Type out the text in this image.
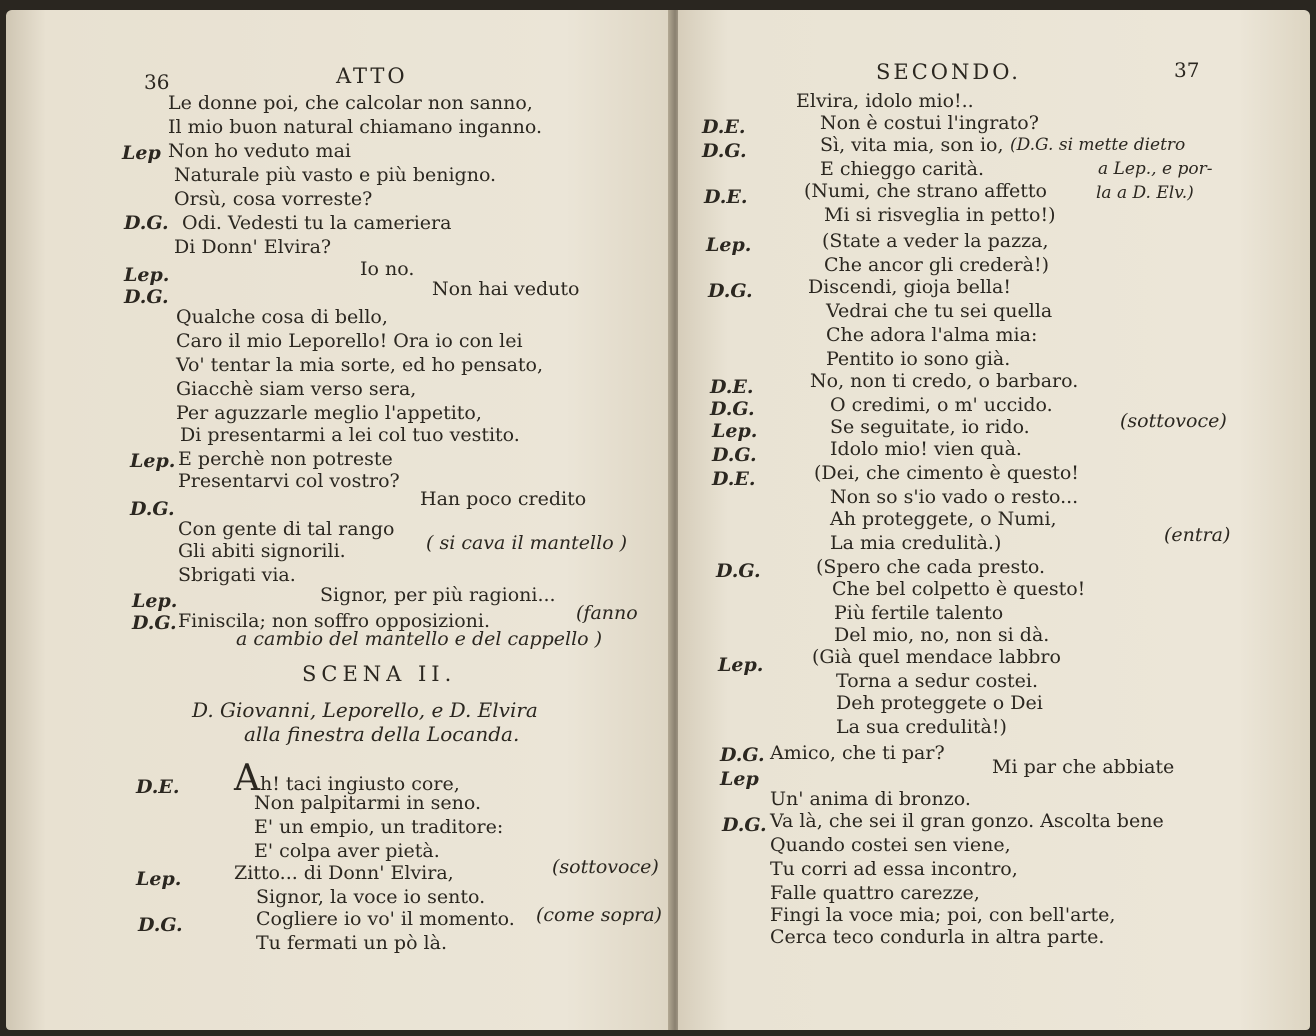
36	ATTO
Le donne poi, che calcolar non sanno,
Il mio buon natural chiamano inganno.
Lep Non ho veduto mai
Naturale più vasto e più benigno.
Orsù, cosa vorreste?
D.G. Odi. Vedesti tu la cameriera
Di Donn' Elvira?
Lep.	Io no.
D.G.	Non hai veduto
Qualche cosa di bello,
Caro il mio Leporello! Ora io con lei
Vo' tentar la mia sorte, ed ho pensato,
Giacchè siam verso sera,
Per aguzzarle meglio l'appetito,
Di presentarmi a lei col tuo vestito.
Lep. E perchè non potreste
Presentarvi col vostro?
D.G.	Han poco credito
Con gente di tal rango
Gli abiti signorili.	( si cava il mantello )
Sbrigati via.
Lep.	Signor, per più ragioni...
D.G. Finiscila; non soffro opposizioni.	(fanno
a cambio del mantello e del cappello )
SCENA II.
D. Giovanni, Leporello, e D. Elvira
alla finestra della Locanda.
D.E. Ah! taci ingiusto core,
Non palpitarmi in seno.
E' un empio, un traditore:
E' colpa aver pietà.
Lep.	Zitto... di Donn' Elvira,	(sottovoce)
Signor, la voce io sento.
D.G.	Cogliere io vo' il momento. (come sopra)
Tu fermati un pò là.
SECONDO.	37
Elvira, idolo mio!..
D.E.	Non è costui l'ingrato?
D.G.	Sì, vita mia, son io, (D.G. si mette dietro
E chieggo carità.	a Lep., e por-
D.E.	(Numi, che strano affetto	la a D. Elv.)
Mi si risveglia in petto!)
Lep.	(State a veder la pazza,
Che ancor gli crederà!)
D.G.	Discendi, gioja bella!
Vedrai che tu sei quella
Che adora l'alma mia:
Pentito io sono già.
D.E.	No, non ti credo, o barbaro.
D.G.	O credimi, o m' uccido.
Lep.	Se seguitate, io rido.	(sottovoce)
D.G.	Idolo mio! vien quà.
D.E.	(Dei, che cimento è questo!
Non so s'io vado o resto...
Ah proteggete, o Numi,
La mia credulità.)	(entra)
D.G.	(Spero che cada presto.
Che bel colpetto è questo!
Più fertile talento
Del mio, no, non si dà.
Lep.	(Già quel mendace labbro
Torna a sedur costei.
Deh proteggete o Dei
La sua credulità!)
D.G. Amico, che ti par?
Lep
Mi par che abbiate
Un' anima di bronzo.
D.G. Va là, che sei il gran gonzo. Ascolta bene
Quando costei sen viene,
Tu corri ad essa incontro,
Falle quattro carezze,
Fingi la voce mia; poi, con bell'arte,
Cerca teco condurla in altra parte.
